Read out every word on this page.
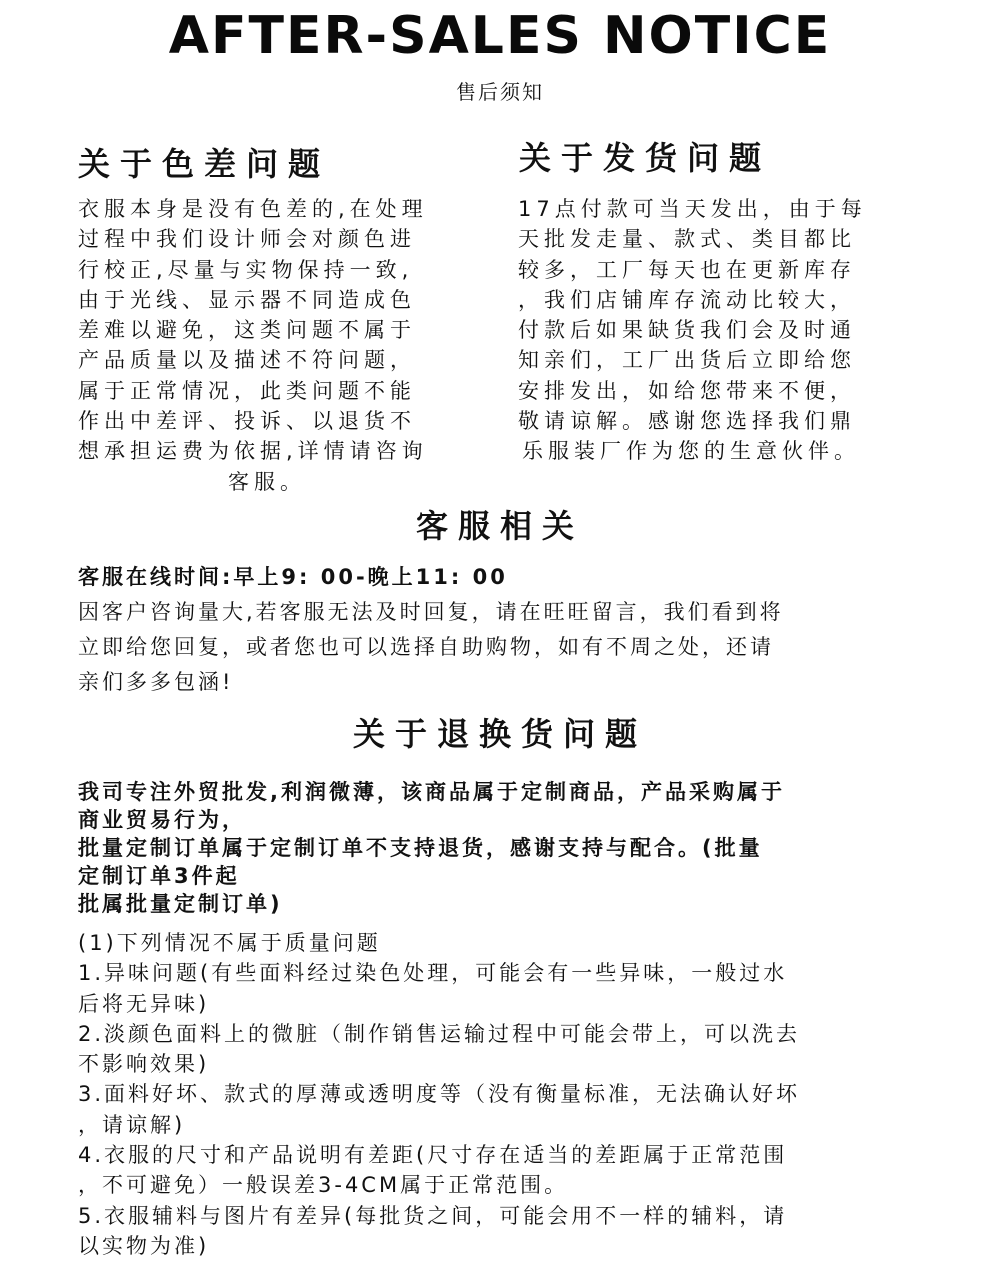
AFTER-SALES NOTICE
售后须知
关于色差问题
衣服本身是没有色差的,在处理
过程中我们设计师会对颜色进
行校正,尽量与实物保持一致,
由于光线、显示器不同造成色
差难以避免，这类问题不属于
产品质量以及描述不符问题，
属于正常情况，此类问题不能
作出中差评、投诉、以退货不
想承担运费为依据,详情请咨询
客服。
关于发货问题
17点付款可当天发出，由于每
天批发走量、款式、类目都比
较多，工厂每天也在更新库存
，我们店铺库存流动比较大，
付款后如果缺货我们会及时通
知亲们，工厂出货后立即给您
安排发出，如给您带来不便，
敬请谅解。感谢您选择我们鼎
乐服装厂作为您的生意伙伴。
客服相关
客服在线时间:早上9: 00-晚上11: 00
因客户咨询量大,若客服无法及时回复，请在旺旺留言，我们看到将
立即给您回复，或者您也可以选择自助购物，如有不周之处，还请
亲们多多包涵!
关于退换货问题
我司专注外贸批发,利润微薄，该商品属于定制商品，产品采购属于
商业贸易行为，
批量定制订单属于定制订单不支持退货，感谢支持与配合。(批量
定制订单3件起
批属批量定制订单)
(1)下列情况不属于质量问题
1.异味问题(有些面料经过染色处理，可能会有一些异味，一般过水
后将无异味)
2.淡颜色面料上的微脏（制作销售运输过程中可能会带上，可以洗去
不影响效果)
3.面料好坏、款式的厚薄或透明度等（没有衡量标准，无法确认好坏
，请谅解)
4.衣服的尺寸和产品说明有差距(尺寸存在适当的差距属于正常范围
，不可避免）一般误差3-4CM属于正常范围。
5.衣服辅料与图片有差异(每批货之间，可能会用不一样的辅料，请
以实物为准)
